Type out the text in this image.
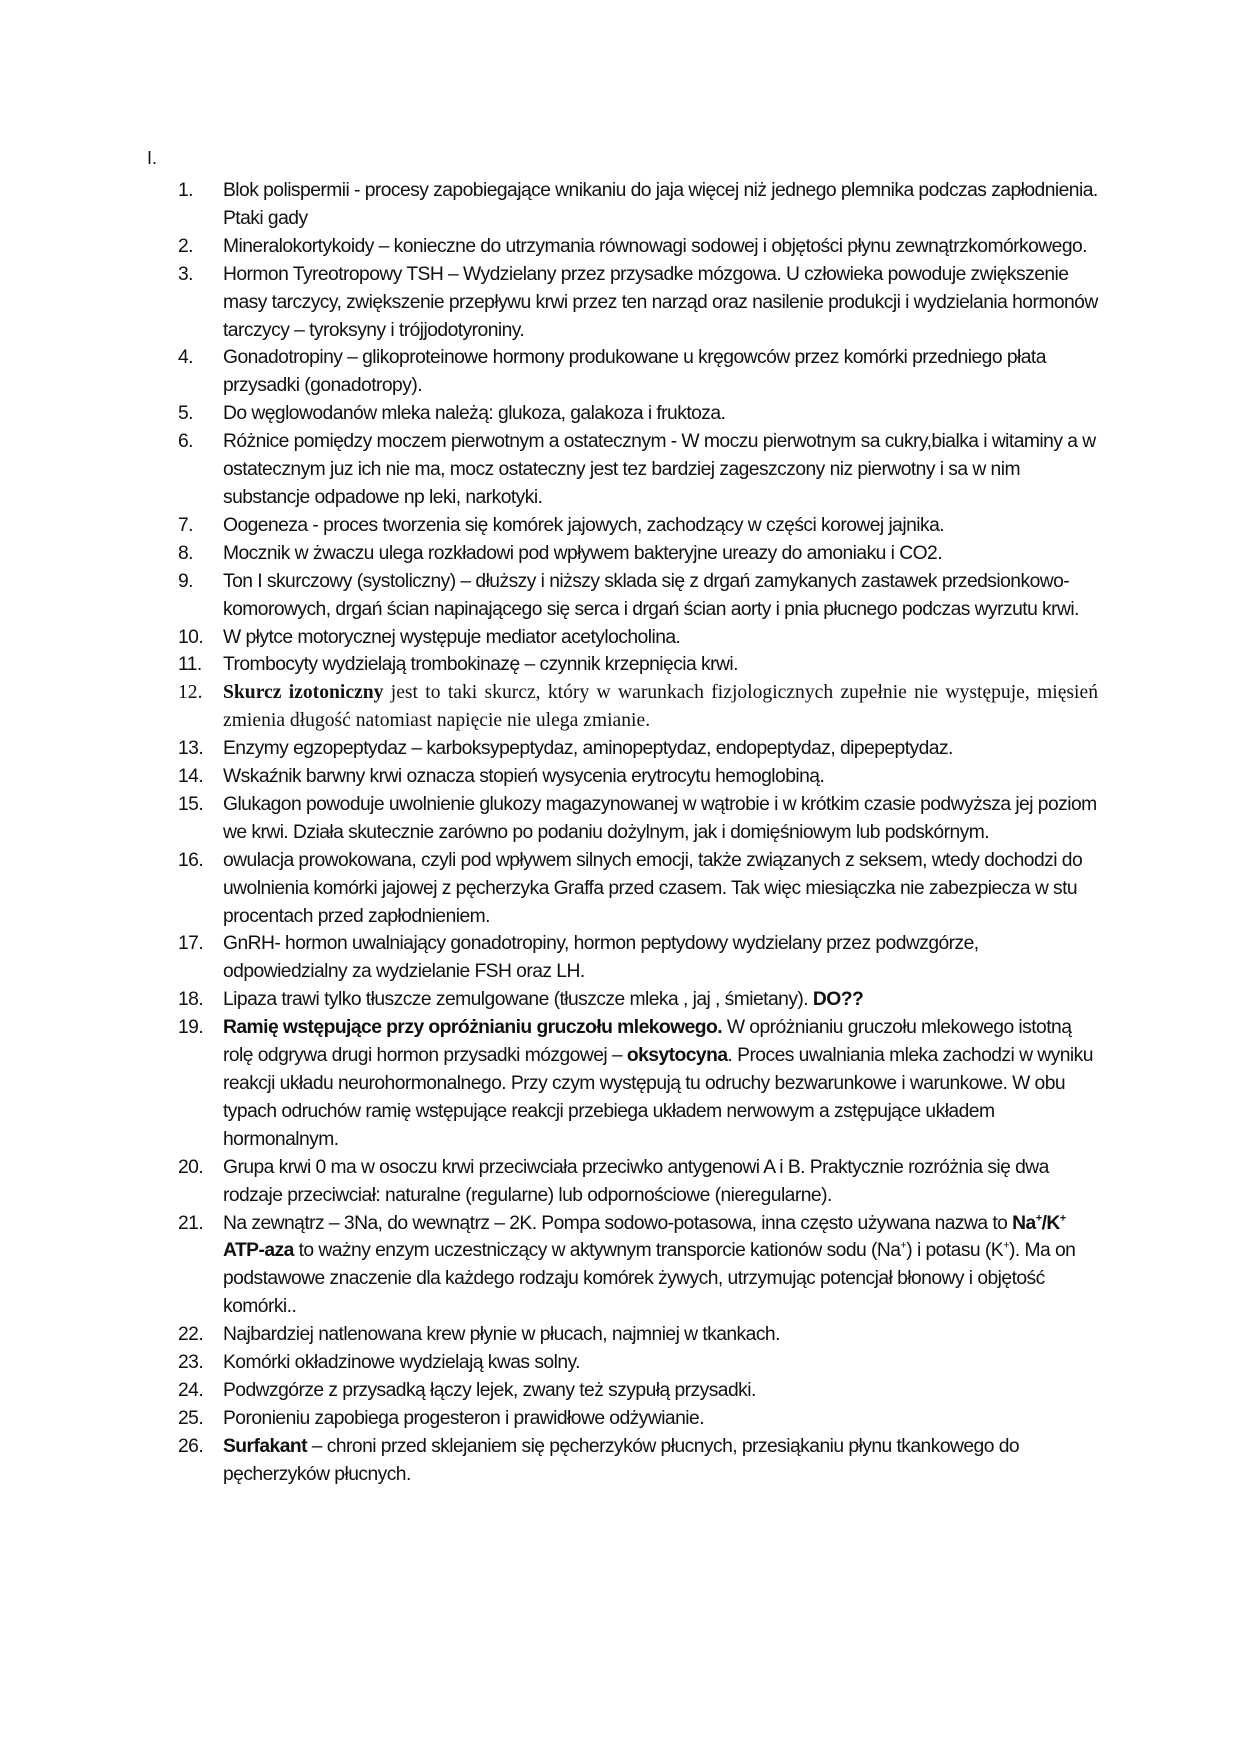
I.
1.	Blok polispermii - procesy zapobiegające wnikaniu do jaja więcej niż jednego plemnika podczas zapłodnienia. Ptaki gady
2.	Mineralokortykoidy – konieczne do utrzymania równowagi sodowej i objętości płynu zewnątrzkomórkowego.
3.	Hormon Tyreotropowy TSH – Wydzielany przez przysadke mózgowa. U człowieka powoduje zwiększenie masy tarczycy, zwiększenie przepływu krwi przez ten narząd oraz nasilenie produkcji i wydzielania hormonów tarczycy – tyroksyny i trójjodotyroniny.
4.	Gonadotropiny – glikoproteinowe hormony produkowane u kręgowców przez komórki przedniego płata przysadki (gonadotropy).
5.	Do węglowodanów mleka należą: glukoza, galakoza i fruktoza.
6.	Różnice pomiędzy moczem pierwotnym a ostatecznym - W moczu pierwotnym sa cukry,bialka i witaminy a w ostatecznym juz ich nie ma, mocz ostateczny jest tez bardziej zageszczony niz pierwotny i sa w nim substancje odpadowe np leki, narkotyki.
7.	Oogeneza - proces tworzenia się komórek jajowych, zachodzący w części korowej jajnika.
8.	Mocznik w żwaczu ulega rozkładowi pod wpływem bakteryjne ureazy do amoniaku i CO2.
9.	Ton I skurczowy (systoliczny) – dłuższy i niższy sklada się z drgań zamykanych zastawek przedsionkowo-komorowych, drgań ścian napinającego się serca i drgań ścian aorty i pnia płucnego podczas wyrzutu krwi.
10.	W płytce motorycznej występuje mediator acetylocholina.
11.	Trombocyty wydzielają trombokinazę – czynnik krzepnięcia krwi.
12.	Skurcz izotoniczny jest to taki skurcz, który w warunkach fizjologicznych zupełnie nie występuje, mięsień zmienia długość natomiast napięcie nie ulega zmianie.
13.	Enzymy egzopeptydaz – karboksypeptydaz, aminopeptydaz, endopeptydaz, dipepeptydaz.
14.	Wskaźnik barwny krwi oznacza stopień wysycenia erytrocytu hemoglobiną.
15.	Glukagon powoduje uwolnienie glukozy magazynowanej w wątrobie i w krótkim czasie podwyższa jej poziom we krwi. Działa skutecznie zarówno po podaniu dożylnym, jak i domięśniowym lub podskórnym.
16.	owulacja prowokowana, czyli pod wpływem silnych emocji, także związanych z seksem, wtedy dochodzi do uwolnienia komórki jajowej z pęcherzyka Graffa przed czasem. Tak więc miesiączka nie zabezpiecza w stu procentach przed zapłodnieniem.
17.	GnRH- hormon uwalniający gonadotropiny, hormon peptydowy wydzielany przez podwzgórze, odpowiedzialny za wydzielanie FSH oraz LH.
18.	Lipaza trawi tylko tłuszcze zemulgowane (tłuszcze mleka , jaj , śmietany). DO??
19.	Ramię wstępujące przy opróżnianiu gruczołu mlekowego. W opróżnianiu gruczołu mlekowego istotną rolę odgrywa drugi hormon przysadki mózgowej – oksytocyna. Proces uwalniania mleka zachodzi w wyniku reakcji układu neurohormonalnego. Przy czym występują tu odruchy bezwarunkowe i warunkowe. W obu typach odruchów ramię wstępujące reakcji przebiega układem nerwowym a zstępujące układem hormonalnym.
20.	Grupa krwi 0 ma w osoczu krwi przeciwciała przeciwko antygenowi A i B. Praktycznie rozróżnia się dwa rodzaje przeciwciał: naturalne (regularne) lub odpornościowe (nieregularne).
21.	Na zewnątrz – 3Na, do wewnątrz – 2K. Pompa sodowo-potasowa, inna często używana nazwa to Na+/K+ ATP-aza to ważny enzym uczestniczący w aktywnym transporcie kationów sodu (Na+) i potasu (K+). Ma on podstawowe znaczenie dla każdego rodzaju komórek żywych, utrzymując potencjał błonowy i objętość komórki..
22.	Najbardziej natlenowana krew płynie w płucach, najmniej w tkankach.
23.	Komórki okładzinowe wydzielają kwas solny.
24.	Podwzgórze z przysadką łączy lejek, zwany też szypułą przysadki.
25.	Poronieniu zapobiega progesteron i prawidłowe odżywianie.
26.	Surfakant – chroni przed sklejaniem się pęcherzyków płucnych, przesiąkaniu płynu tkankowego do pęcherzyków płucnych.
